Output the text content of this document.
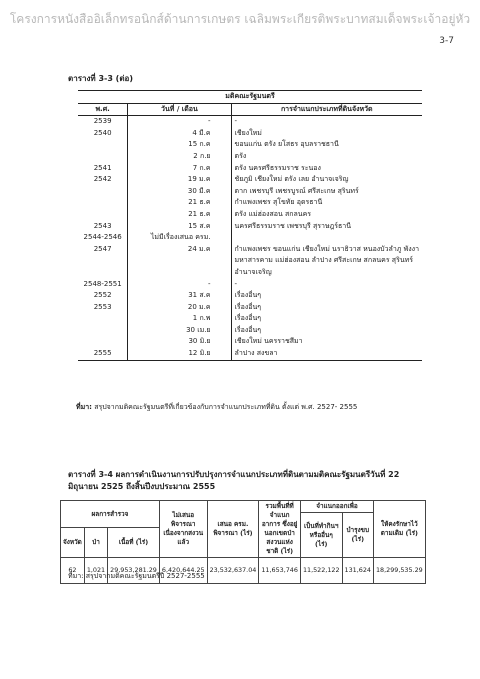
โครงการหนังสืออิเล็กทรอนิกส์ด้านการเกษตร เฉลิมพระเกียรติพระบาทสมเด็จพระเจ้าอยู่หัว
3-7
ตารางที่ 3-3 (ต่อ)
มติคณะรัฐมนตรี		
พ.ศ.	วันที่ / เดือน	การจำแนกประเภทที่ดินจังหวัด
2539	-	-
2540	4 มี.ค	เชียงใหม่
	15 ก.ค	ขอนแก่น ตรัง ยโสธร อุบลราชธานี
	2 ก.ย	ตรัง
2541	7 ก.ค	ตรัง นครศรีธรรมราช ระนอง
2542	19 ม.ค	ชัยภูมิ เชียงใหม่ ตรัง เลย อำนาจเจริญ
	30 มี.ค	ตาก เพชรบุรี เพชรบูรณ์ ศรีสะเกษ สุรินทร์
	21 ธ.ค	กำแพงเพชร สุโขทัย อุดรธานี
	21 ธ.ค	ตรัง แม่ฮ่องสอน สกลนคร
2543	15 ส.ค	นครศรีธรรมราช เพชรบุรี สุราษฎร์ธานี
2544-2546	ไม่มีเรื่องเสนอ ครม.	
2547	24 ม.ค	กำแพงเพชร ขอนแก่น เชียงใหม่ นราธิวาส หนองบัวลำภู พังงา
		มหาสารคาม แม่ฮ่องสอน ลำปาง ศรีสะเกษ สกลนคร สุรินทร์
		อำนาจเจริญ
2548-2551	-	-
2552	31 ส.ค	เรื่องอื่นๆ
2553	20 ม.ค	เรื่องอื่นๆ
	1 ก.พ	เรื่องอื่นๆ
	30 เม.ย	เรื่องอื่นๆ
	30 มิ.ย	เชียงใหม่ นครราชสีมา
2555	12 มิ.ย	ลำปาง สงขลา
ที่มา: สรุปจากมติคณะรัฐมนตรีที่เกี่ยวข้องกับการจำแนกประเภทที่ดิน ตั้งแต่ พ.ศ. 2527- 2555
ตารางที่ 3-4 ผลการดำเนินงานการปรับปรุงการจำแนกประเภทที่ดินตามมติคณะรัฐมนตรีวันที่ 22 มิถุนายน 2525 ถึงสิ้นปีงบประมาณ 2555
ผลการสำรวจ			ไม่เสนอพิจารณาเนื่องจากสงวนแล้ว	เสนอ ครม. พิจารณา (ไร่)	รวมพื้นที่ที่จำแนกอาการ ซึ่งอยู่นอกเขตป่าสงวนแห่งชาติ (ไร่)	จำแนกออกเพื่อ		ให้คงรักษาไว้ตามเดิม (ไร่)
						เป็นที่ทำกินฯ หรืออื่นๆ (ไร่)	บำรุงขบ (ไร่)	
จังหวัด	ป่า	เนื้อที่ (ไร่)						
62	1,021	29,953,281.29	6,420,644.25	23,532,637.04	11,653,746	11,522,122	131,624	18,299,535.29
ที่มา: สรุปจากมติคณะรัฐมนตรีปี 2527-2555
